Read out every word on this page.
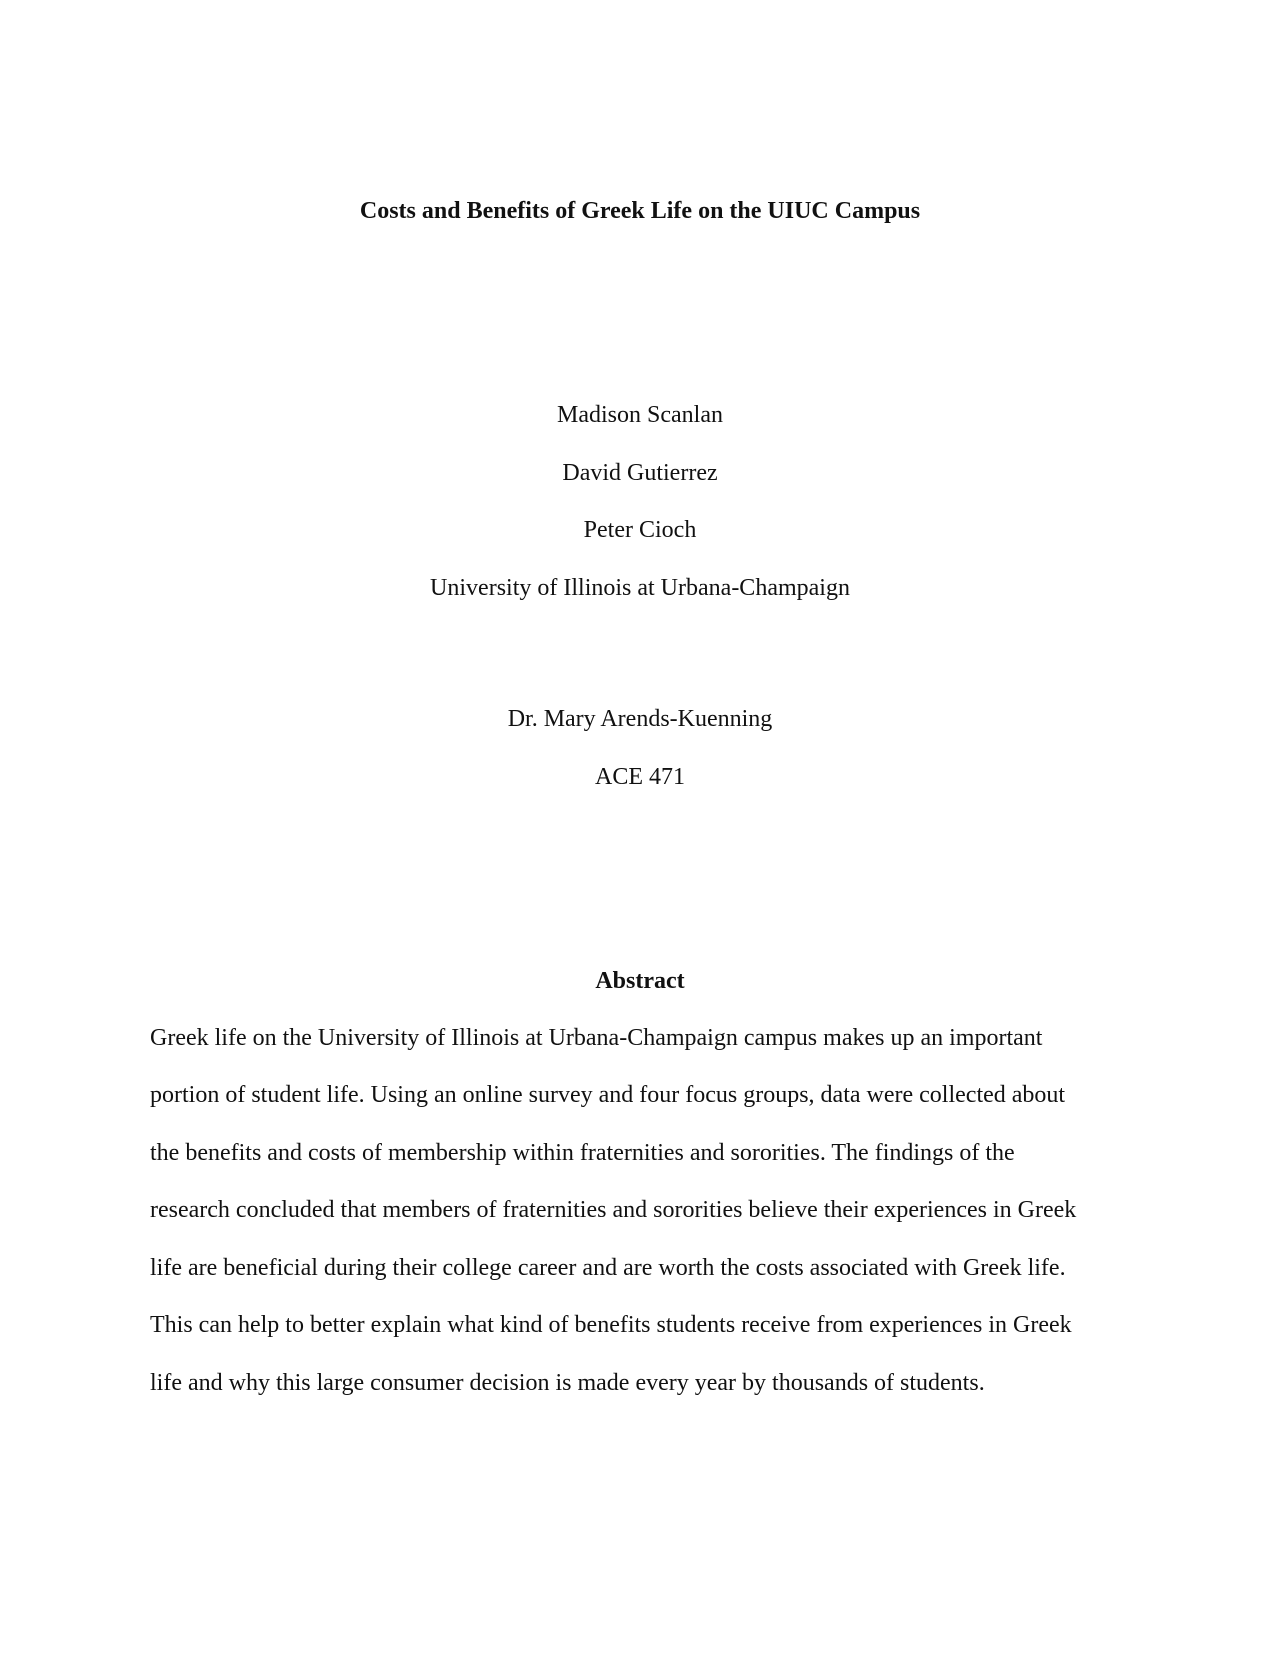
Costs and Benefits of Greek Life on the UIUC Campus
Madison Scanlan
David Gutierrez
Peter Cioch
University of Illinois at Urbana-Champaign
Dr. Mary Arends-Kuenning
ACE 471
Abstract
Greek life on the University of Illinois at Urbana-Champaign campus makes up an important
portion of student life. Using an online survey and four focus groups, data were collected about
the benefits and costs of membership within fraternities and sororities. The findings of the
research concluded that members of fraternities and sororities believe their experiences in Greek
life are beneficial during their college career and are worth the costs associated with Greek life.
This can help to better explain what kind of benefits students receive from experiences in Greek
life and why this large consumer decision is made every year by thousands of students.
